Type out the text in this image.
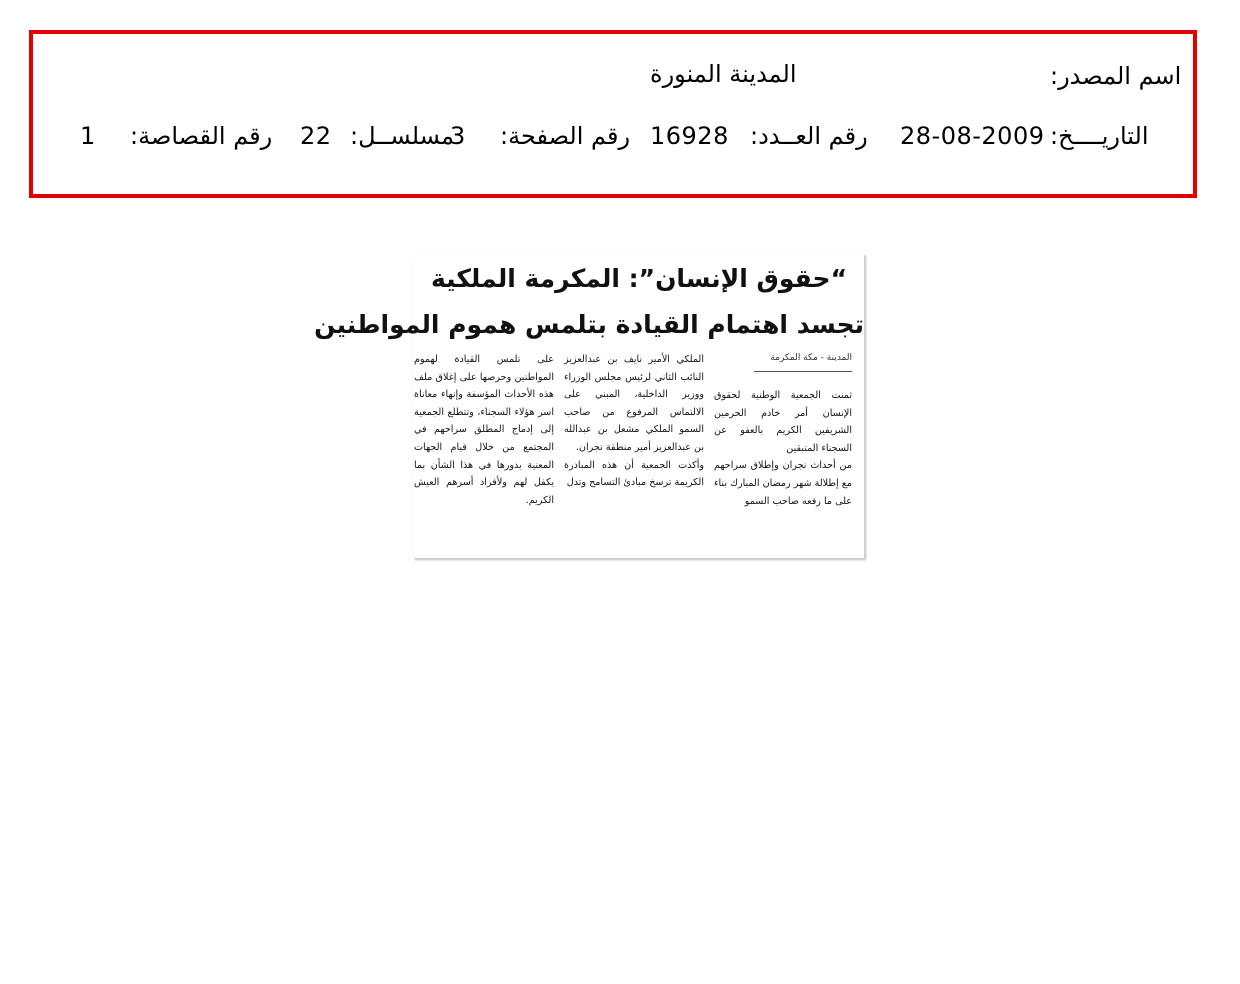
اسم المصدر:
المدينة المنورة
التاريــــخ:
28-08-2009
رقم العــدد:
16928
رقم الصفحة:
3
مسلســل:
22
رقم القصاصة:
1
“حقوق الإنسان”: المكرمة الملكية
تجسد اهتمام القيادة بتلمس هموم المواطنين
المدينة - مكة المكرمة

ثمنت الجمعية الوطنية لحقوق الإنسان أمر خادم الحرمين الشريفين الكريم بالعفو عن السجناء المتبقين

من أحداث نجران وإطلاق سراحهم مع إطلالة شهر رمضان المبارك بناء على ما رفعه صاحب السمو

الملكي الأمير نايف بن عبدالعزيز النائب الثاني لرئيس مجلس الوزراء ووزير الداخلية، المبني على الالتماس المرفوع من صاحب السمو الملكي مشعل بن عبدالله بن عبدالعزيز أمير منطقة نجران.

وأكدت الجمعية أن هذه المبادرة الكريمة ترسخ مبادئ التسامح وتدل

على تلمس القيادة لهموم المواطنين وحرصها على إغلاق ملف هذه الأحداث المؤسفة وإنهاء معاناة اسر هؤلاء السجناء، وتتطلع الجمعية إلى إدماج المطلق سراحهم في المجتمع من خلال قيام الجهات المعنية بدورها في هذا الشأن بما يكفل لهم ولأفراد أسرهم العيش الكريم.
